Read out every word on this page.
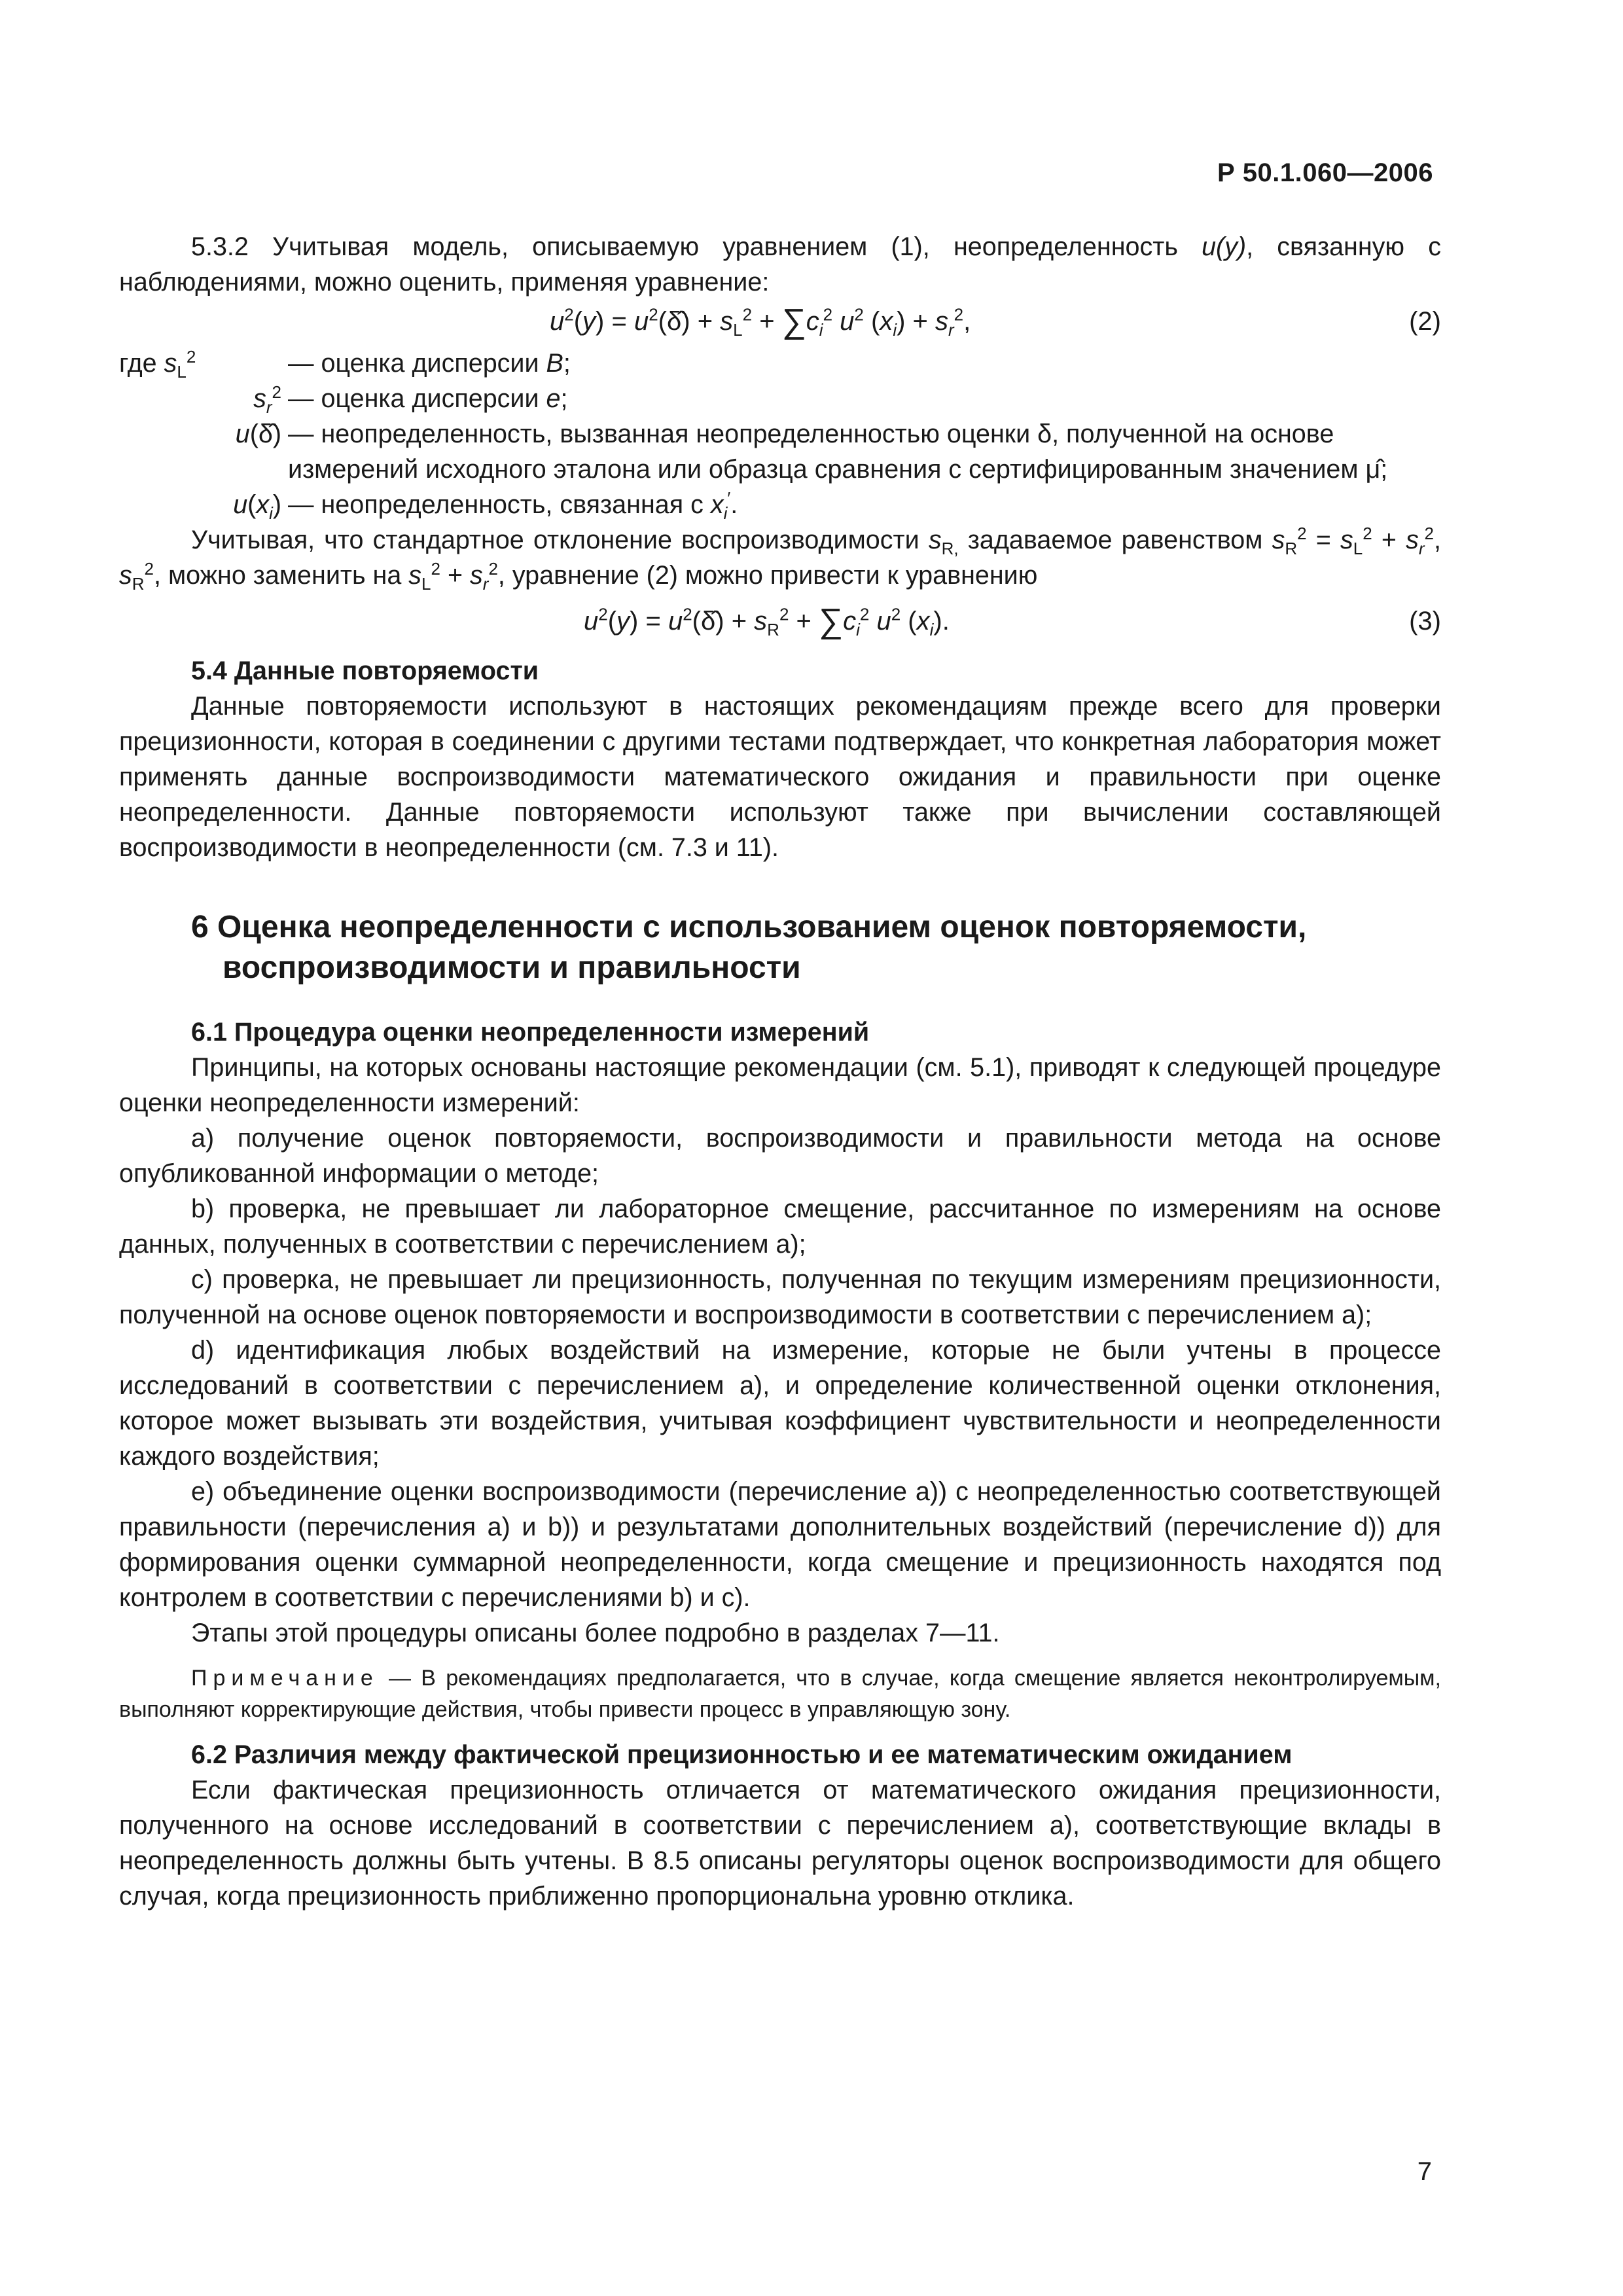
Р 50.1.060—2006

5.3.2 Учитывая модель, описываемую уравнением (1), неопределенность u(y), связанную с наблюдениями, можно оценить, применяя уравнение:

$u^2(y)$ = $u^2(\deltâ) + s_L^2 + \sum c_i^2$ $u^2$ $(x_i) + s_r^2$,	(2)
где $s_L^2$	— оценка дисперсии B;
$s_r^2$ — оценка дисперсии e;
u(δ̂) — неопределенность, вызванная неопределенностью оценки δ, полученной на основе измерений исходного эталона или образца сравнения с сертифицированным значением μ̂;
$u(x_i)$ — неопределенность, связанная с $x_i'$.

Учитывая, что стандартное отклонение воспроизводимости $s_{R,}$ задаваемое равенством $s_R^2 = s_L^2 + s_r^2$, $s_R^2$, можно заменить на $s_L^2 + s_r^2$, уравнение (2) можно привести к уравнению

$u^2(y)$ = $u^2(\deltâ) + s_R^2 + \sum c_i^2$ $u^2$ $(x_i)$.	(3)
5.4 Данные повторяемости

Данные повторяемости используют в настоящих рекомендациям прежде всего для проверки прецизионности, которая в соединении с другими тестами подтверждает, что конкретная лаборатория может применять данные воспроизводимости математического ожидания и правильности при оценке неопределенности. Данные повторяемости используют также при вычислении составляющей воспроизводимости в неопределенности (см. 7.3 и 11).

6 Оценка неопределенности с использованием оценок повторяемости,
воспроизводимости и правильности
6.1 Процедура оценки неопределенности измерений

Принципы, на которых основаны настоящие рекомендации (см. 5.1), приводят к следующей процедуре оценки неопределенности измерений:

а) получение оценок повторяемости, воспроизводимости и правильности метода на основе опубликованной информации о методе;

b) проверка, не превышает ли лабораторное смещение, рассчитанное по измерениям на основе данных, полученных в соответствии с перечислением а);

с) проверка, не превышает ли прецизионность, полученная по текущим измерениям прецизионности, полученной на основе оценок повторяемости и воспроизводимости в соответствии с перечислением а);

d) идентификация любых воздействий на измерение, которые не были учтены в процессе исследований в соответствии с перечислением а), и определение количественной оценки отклонения, которое может вызывать эти воздействия, учитывая коэффициент чувствительности и неопределенности каждого воздействия;

е) объединение оценки воспроизводимости (перечисление а)) с неопределенностью соответствующей правильности (перечисления а) и b)) и результатами дополнительных воздействий (перечисление d)) для формирования оценки суммарной неопределенности, когда смещение и прецизионность находятся под контролем в соответствии с перечислениями b) и с).

Этапы этой процедуры описаны более подробно в разделах 7—11.

Примечание — В рекомендациях предполагается, что в случае, когда смещение является неконтролируемым, выполняют корректирующие действия, чтобы привести процесс в управляющую зону.

6.2 Различия между фактической прецизионностью и ее математическим ожиданием

Если фактическая прецизионность отличается от математического ожидания прецизионности, полученного на основе исследований в соответствии с перечислением а), соответствующие вклады в неопределенность должны быть учтены. В 8.5 описаны регуляторы оценок воспроизводимости для общего случая, когда прецизионность приближенно пропорциональна уровню отклика.

7
